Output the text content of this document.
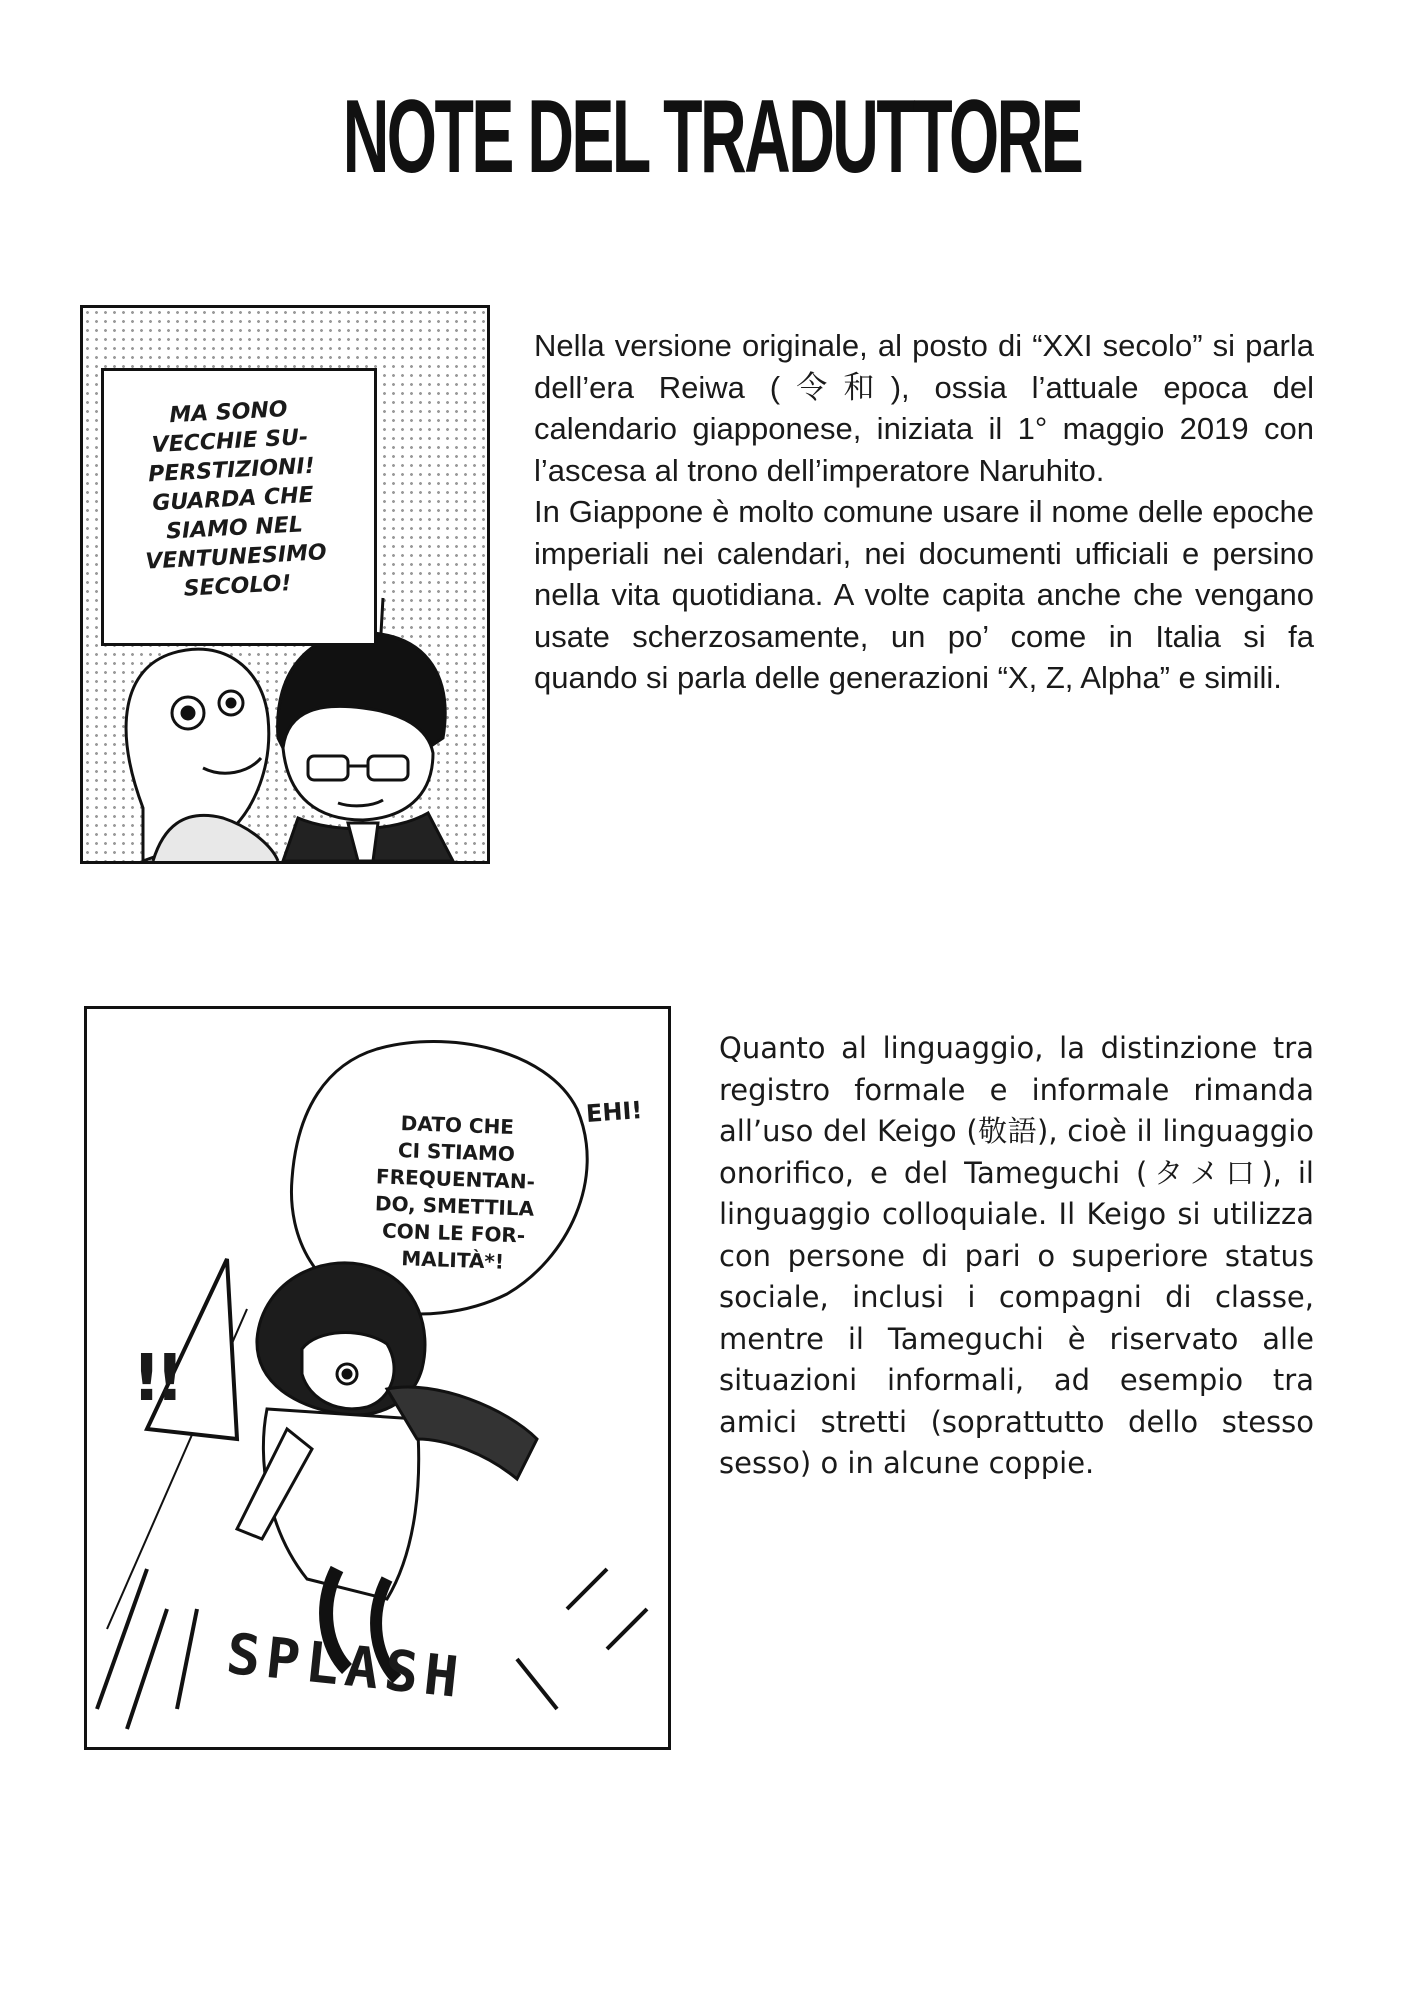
NOTE DEL TRADUTTORE
MA SONO
VECCHIE SU-
PERSTIZIONI!
GUARDA CHE
SIAMO NEL
VENTUNESIMO
SECOLO!
DATO CHE
CI STIAMO
FREQUENTAN-
DO, SMETTILA
CON LE FOR-
MALITÀ*!
EHI!
!!
SPLASH

Nella versione originale, al posto di “XXI secolo” si parla dell’era Reiwa (令和), ossia l’attuale epoca del calendario giapponese, iniziata il 1° maggio 2019 con l’ascesa al trono dell’imperatore Naruhito.

In Giappone è molto comune usare il nome delle epoche imperiali nei calendari, nei documenti ufficiali e persino nella vita quotidiana. A volte capita anche che vengano usate scherzosamente, un po’ come in Italia si fa quando si parla delle generazioni “X, Z, Alpha” e simili.

Quanto al linguaggio, la distinzione tra registro formale e informale rimanda all’uso del Keigo (敬語), cioè il linguaggio onorifico, e del Tameguchi (タメ口), il linguaggio colloquiale. Il Keigo si utilizza con persone di pari o superiore status sociale, inclusi i compagni di classe, mentre il Tameguchi è riservato alle situazioni informali, ad esempio tra amici stretti (soprattutto dello stesso sesso) o in alcune coppie.
